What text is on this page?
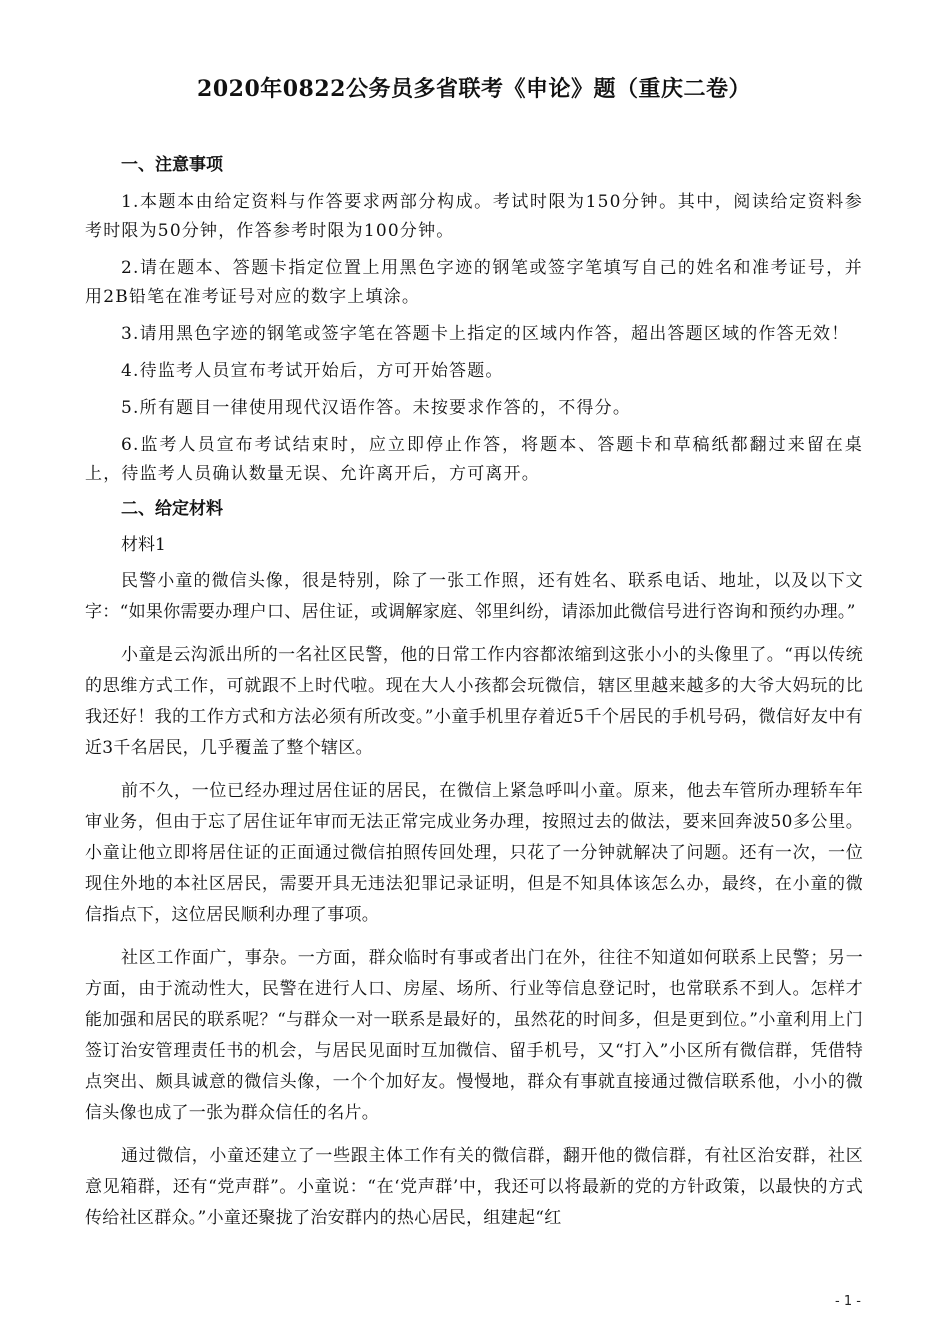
2020年0822公务员多省联考《申论》题（重庆二卷）
一、注意事项

1.本题本由给定资料与作答要求两部分构成。考试时限为150分钟。其中，阅读给定资料参考时限为50分钟，作答参考时限为100分钟。

2.请在题本、答题卡指定位置上用黑色字迹的钢笔或签字笔填写自己的姓名和准考证号，并用2B铅笔在准考证号对应的数字上填涂。

3.请用黑色字迹的钢笔或签字笔在答题卡上指定的区域内作答，超出答题区域的作答无效！

4.待监考人员宣布考试开始后，方可开始答题。

5.所有题目一律使用现代汉语作答。未按要求作答的，不得分。

6.监考人员宣布考试结束时，应立即停止作答，将题本、答题卡和草稿纸都翻过来留在桌上，待监考人员确认数量无误、允许离开后，方可离开。

二、给定材料
材料1

民警小童的微信头像，很是特别，除了一张工作照，还有姓名、联系电话、地址，以及以下文字：“如果你需要办理户口、居住证，或调解家庭、邻里纠纷，请添加此微信号进行咨询和预约办理。”

小童是云沟派出所的一名社区民警，他的日常工作内容都浓缩到这张小小的头像里了。“再以传统的思维方式工作，可就跟不上时代啦。现在大人小孩都会玩微信，辖区里越来越多的大爷大妈玩的比我还好！我的工作方式和方法必须有所改变。”小童手机里存着近5千个居民的手机号码，微信好友中有近3千名居民，几乎覆盖了整个辖区。

前不久，一位已经办理过居住证的居民，在微信上紧急呼叫小童。原来，他去车管所办理轿车年审业务，但由于忘了居住证年审而无法正常完成业务办理，按照过去的做法，要来回奔波50多公里。小童让他立即将居住证的正面通过微信拍照传回处理，只花了一分钟就解决了问题。还有一次，一位现住外地的本社区居民，需要开具无违法犯罪记录证明，但是不知具体该怎么办，最终，在小童的微信指点下，这位居民顺利办理了事项。

社区工作面广，事杂。一方面，群众临时有事或者出门在外，往往不知道如何联系上民警；另一方面，由于流动性大，民警在进行人口、房屋、场所、行业等信息登记时，也常联系不到人。怎样才能加强和居民的联系呢？“与群众一对一联系是最好的，虽然花的时间多，但是更到位。”小童利用上门签订治安管理责任书的机会，与居民见面时互加微信、留手机号，又“打入”小区所有微信群，凭借特点突出、颇具诚意的微信头像，一个个加好友。慢慢地，群众有事就直接通过微信联系他，小小的微信头像也成了一张为群众信任的名片。

通过微信，小童还建立了一些跟主体工作有关的微信群，翻开他的微信群，有社区治安群，社区意见箱群，还有“党声群”。小童说：“在‘党声群’中，我还可以将最新的党的方针政策，以最快的方式传给社区群众。”小童还聚拢了治安群内的热心居民，组建起“红

- 1 -
